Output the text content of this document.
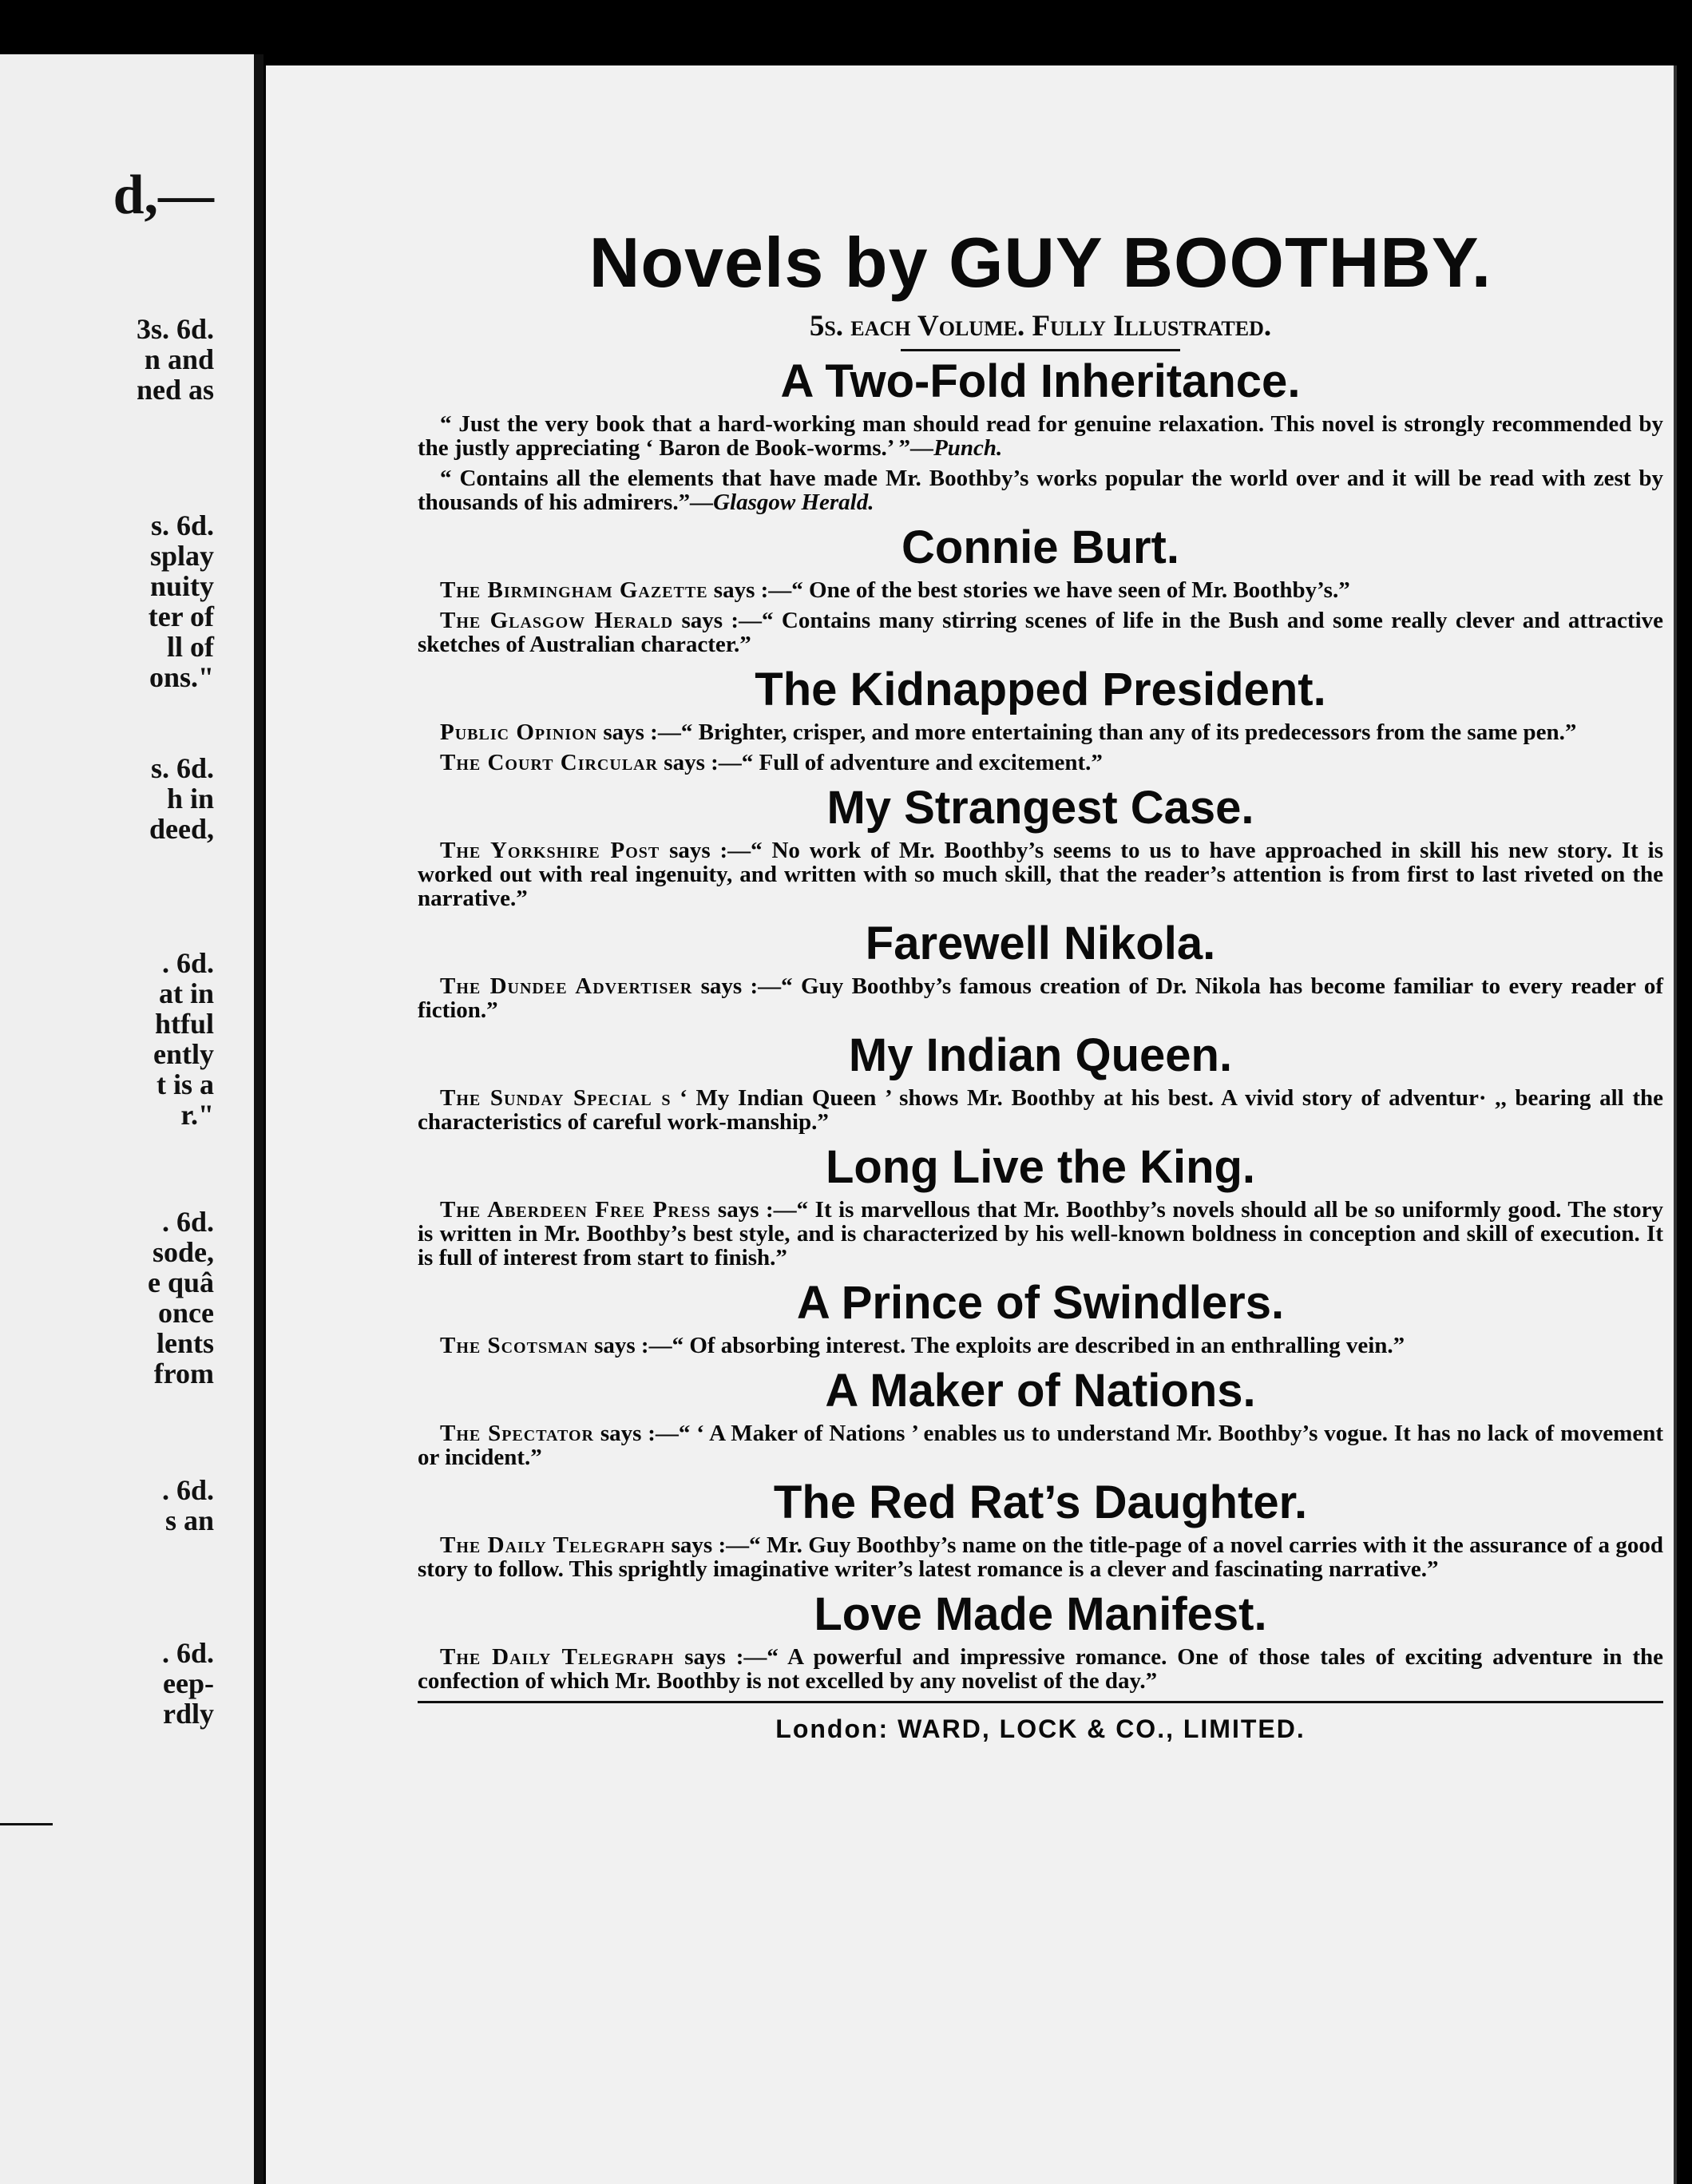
d,—
3s. 6d.
n and
ned as
s. 6d.
splay
nuity
ter of
ll of
ons."
s. 6d.
h in
deed,
. 6d.
at in
htful
ently
t is a
r."
. 6d.
sode,
e quâ
once
lents
from
. 6d.
s an
. 6d.
eep-
rdly
Novels by GUY BOOTHBY.
5s. each Volume. Fully Illustrated.
A Two-Fold Inheritance.

“ Just the very book that a hard-working man should read for genuine relaxation. This novel is strongly recommended by the justly appreciating ‘ Baron de Book-worms.’ ”—Punch.

“ Contains all the elements that have made Mr. Boothby’s works popular the world over and it will be read with zest by thousands of his admirers.”—Glasgow Herald.

Connie Burt.

The Birmingham Gazette says :—“ One of the best stories we have seen of Mr. Boothby’s.”

The Glasgow Herald says :—“ Contains many stirring scenes of life in the Bush and some really clever and attractive sketches of Australian character.”

The Kidnapped President.

Public Opinion says :—“ Brighter, crisper, and more entertaining than any of its predecessors from the same pen.”

The Court Circular says :—“ Full of adventure and excitement.”

My Strangest Case.

The Yorkshire Post says :—“ No work of Mr. Boothby’s seems to us to have approached in skill his new story. It is worked out with real ingenuity, and written with so much skill, that the reader’s attention is from first to last riveted on the narrative.”

Farewell Nikola.

The Dundee Advertiser says :—“ Guy Boothby’s famous creation of Dr. Nikola has become familiar to every reader of fiction.”

My Indian Queen.

The Sunday Special s ‘ My Indian Queen ’ shows Mr. Boothby at his best. A vivid story of adventur· ,, bearing all the characteristics of careful work-manship.”

Long Live the King.

The Aberdeen Free Press says :—“ It is marvellous that Mr. Boothby’s novels should all be so uniformly good. The story is written in Mr. Boothby’s best style, and is characterized by his well-known boldness in conception and skill of execution. It is full of interest from start to finish.”

A Prince of Swindlers.

The Scotsman says :—“ Of absorbing interest. The exploits are described in an enthralling vein.”

A Maker of Nations.

The Spectator says :—“ ‘ A Maker of Nations ’ enables us to understand Mr. Boothby’s vogue. It has no lack of movement or incident.”

The Red Rat’s Daughter.

The Daily Telegraph says :—“ Mr. Guy Boothby’s name on the title-page of a novel carries with it the assurance of a good story to follow. This sprightly imaginative writer’s latest romance is a clever and fascinating narrative.”

Love Made Manifest.

The Daily Telegraph says :—“ A powerful and impressive romance. One of those tales of exciting adventure in the confection of which Mr. Boothby is not excelled by any novelist of the day.”

London: WARD, LOCK & CO., LIMITED.
